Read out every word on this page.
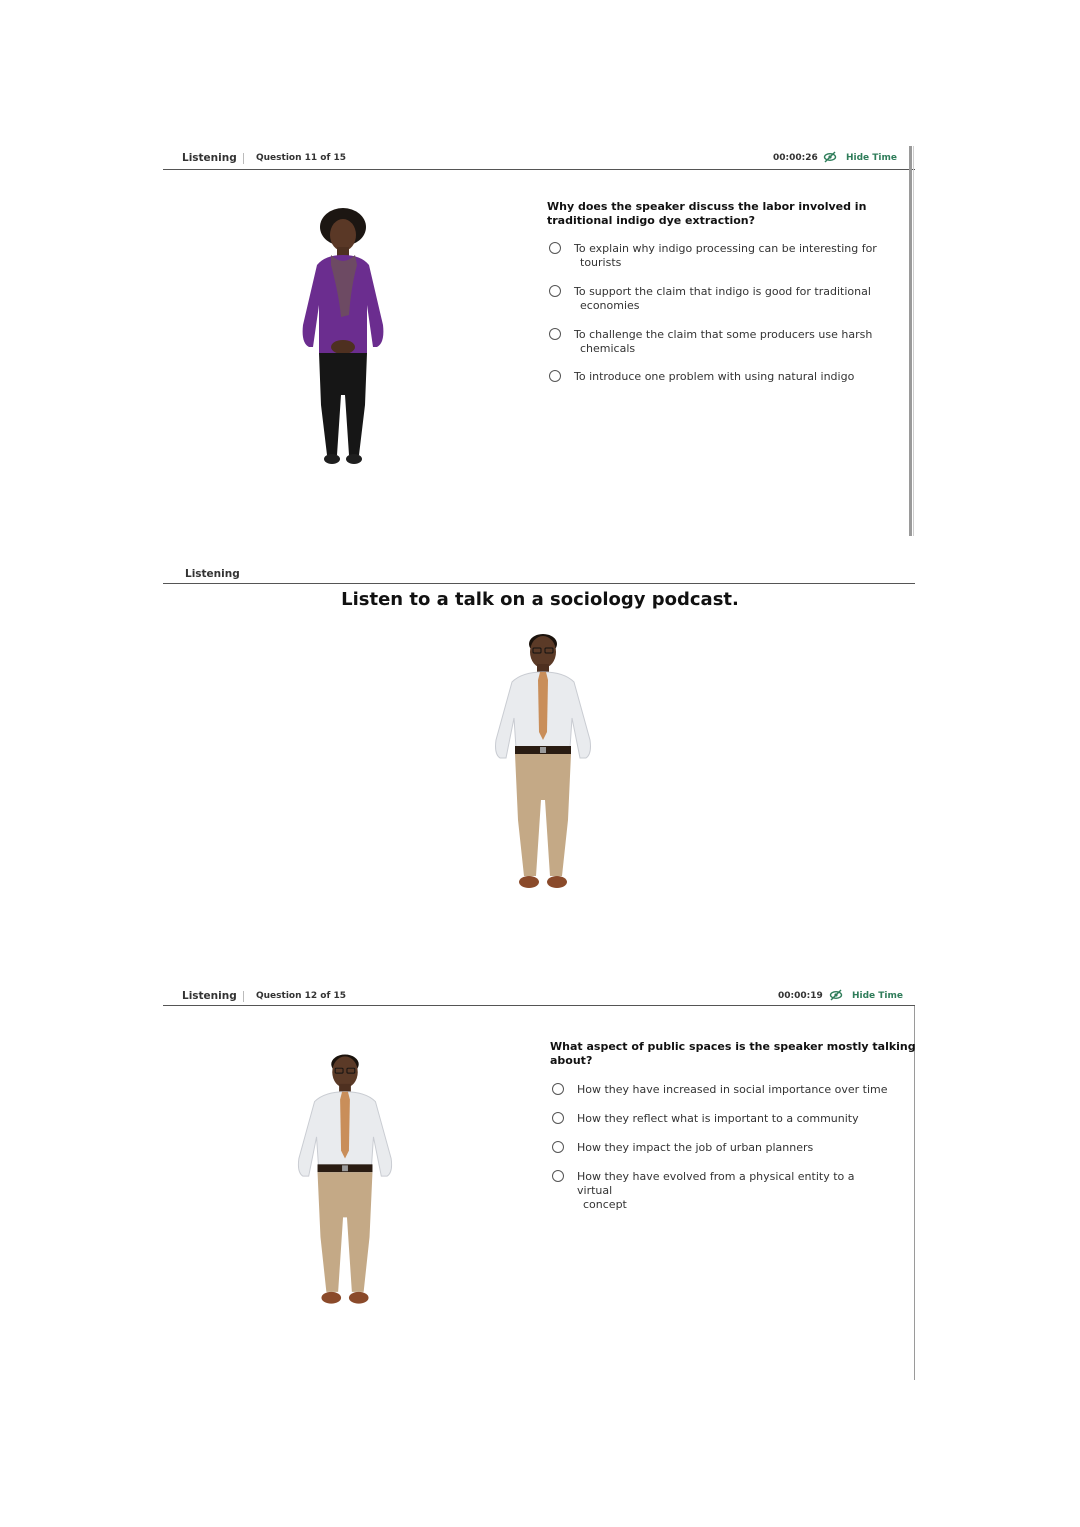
Listening Question 11 of 15	00:00:26	Hide Time
Why does the speaker discuss the labor involved in
traditional indigo dye extraction?
To explain why indigo processing can be interesting for
tourists
To support the claim that indigo is good for traditional
economies
To challenge the claim that some producers use harsh
chemicals
To introduce one problem with using natural indigo
Listening
Listen to a talk on a sociology podcast.
Listening Question 12 of 15	00:00:19	Hide Time
What aspect of public spaces is the speaker mostly talking
about?
How they have increased in social importance over time
How they reflect what is important to a community
How they impact the job of urban planners
How they have evolved from a physical entity to a virtual
concept
